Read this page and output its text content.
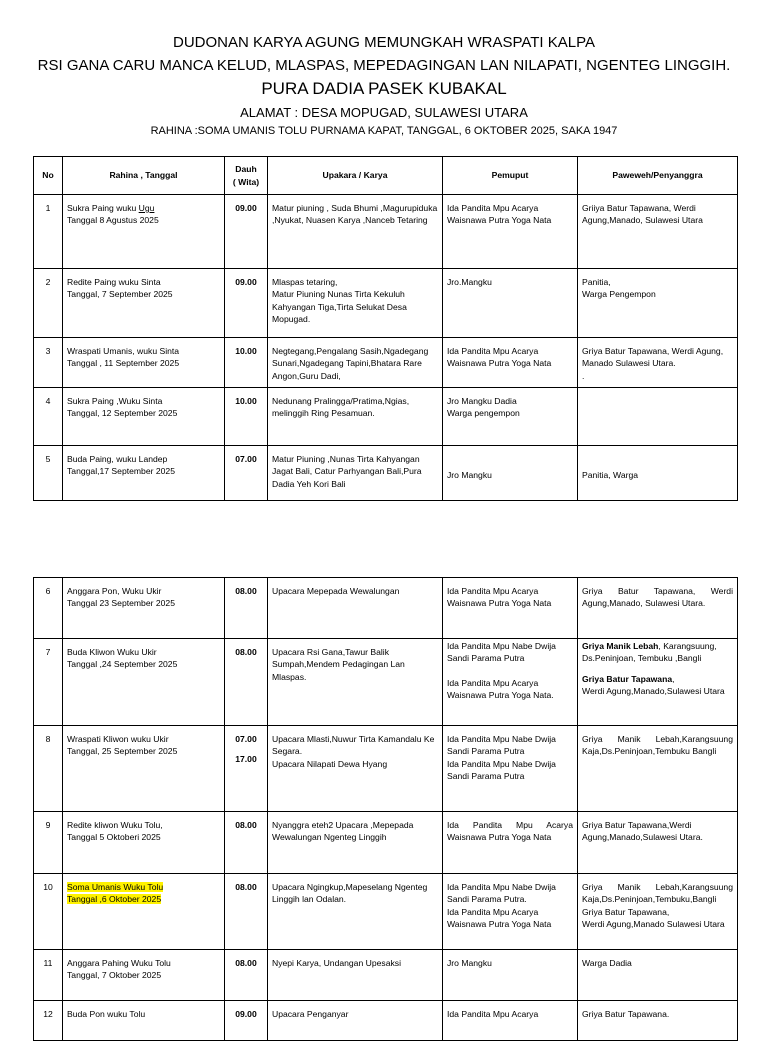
DUDONAN KARYA AGUNG MEMUNGKAH WRASPATI KALPA
RSI GANA CARU MANCA KELUD, MLASPAS, MEPEDAGINGAN LAN NILAPATI, NGENTEG LINGGIH.
PURA DADIA PASEK KUBAKAL
ALAMAT : DESA MOPUGAD, SULAWESI UTARA
RAHINA :SOMA UMANIS TOLU PURNAMA KAPAT, TANGGAL, 6 OKTOBER 2025, SAKA 1947
No	Rahina , Tanggal	Dauh
( Wita)	Upakara / Karya	Pemuput	Paweweh/Penyanggra
1	Sukra Paing wuku Ugu
Tanggal 8 Agustus 2025	09.00	Matur piuning , Suda Bhumi ,Magurupiduka ,Nyukat, Nuasen Karya ,Nanceb Tetaring	Ida Pandita Mpu Acarya
Waisnawa Putra Yoga Nata	Griiya Batur Tapawana, Werdi Agung,Manado, Sulawesi Utara
2	Redite Paing wuku Sinta
Tanggal, 7 September 2025	09.00	Mlaspas tetaring,
Matur Piuning Nunas Tirta Kekuluh Kahyangan Tiga,Tirta Selukat Desa Mopugad.	Jro.Mangku	Panitia,
Warga Pengempon

3	Wraspati Umanis, wuku Sinta
Tanggal , 11 September 2025	10.00	Negtegang,Pengalang Sasih,Ngadegang Sunari,Ngadegang Tapini,Bhatara Rare Angon,Guru Dadi,	Ida Pandita Mpu Acarya
Waisnawa Putra Yoga Nata	Griya Batur Tapawana, Werdi Agung, Manado Sulawesi Utara.
.

4	Sukra Paing ,Wuku Sinta
Tanggal, 12 September 2025	10.00	Nedunang Pralingga/Pratima,Ngias, melinggih Ring Pesamuan.	Jro Mangku Dadia
Warga pengempon	

5	Buda Paing, wuku Landep
Tanggal,17 September 2025	07.00	Matur Piuning ,Nunas Tirta Kahyangan Jagat Bali, Catur Parhyangan Bali,Pura Dadia Yeh Kori Bali	Jro Mangku	Panitia, Warga
6	Anggara Pon, Wuku Ukir
Tanggal 23 September 2025	08.00	Upacara Mepepada Wewalungan	Ida Pandita Mpu Acarya
Waisnawa Putra Yoga Nata	Griya Batur Tapawana, Werdi Agung,Manado, Sulawesi Utara.
7	Buda Kliwon Wuku Ukir
Tanggal ,24 September 2025	08.00	Upacara Rsi Gana,Tawur Balik Sumpah,Mendem Pedagingan Lan Mlaspas.	Ida Pandita Mpu Nabe Dwija
Sandi Parama Putra
Ida Pandita Mpu Acarya
Waisnawa Putra Yoga Nata.	Griya Manik Lebah, Karangsuung, Ds.Peninjoan, Tembuku ,Bangli
Griya Batur Tapawana,
Werdi Agung,Manado,Sulawesi Utara
8	Wraspati Kliwon wuku Ukir
Tanggal, 25 September 2025	07.00
17.00	Upacara Mlasti,Nuwur Tirta Kamandalu Ke Segara.
Upacara Nilapati Dewa Hyang	Ida Pandita Mpu Nabe Dwija
Sandi Parama Putra
Ida Pandita Mpu Nabe Dwija
Sandi Parama Putra	Griya Manik Lebah,Karangsuung Kaja,Ds.Peninjoan,Tembuku Bangli
9	Redite kliwon Wuku Tolu,
Tanggal 5 Oktoberi 2025	08.00	Nyanggra eteh2 Upacara ,Mepepada Wewalungan Ngenteg Linggih	Ida Pandita Mpu Acarya Waisnawa Putra Yoga Nata	Griya Batur Tapawana,Werdi Agung,Manado,Sulawesi Utara.
10	Soma Umanis Wuku Tolu
Tanggal ,6 Oktober 2025	08.00	Upacara Ngingkup,Mapeselang Ngenteg Linggih lan Odalan.	Ida Pandita Mpu Nabe Dwija
Sandi Parama Putra.
Ida Pandita Mpu Acarya
Waisnawa Putra Yoga Nata	Griya Manik Lebah,Karangsuung Kaja,Ds.Peninjoan,Tembuku,Bangli
Griya Batur Tapawana,
Werdi Agung,Manado Sulawesi Utara
11	Anggara Pahing Wuku Tolu
Tanggal, 7 Oktober 2025	08.00	Nyepi Karya, Undangan Upesaksi	Jro Mangku	Warga Dadia
12	Buda Pon wuku Tolu	09.00	Upacara Penganyar	Ida Pandita Mpu Acarya	Griya Batur Tapawana.
